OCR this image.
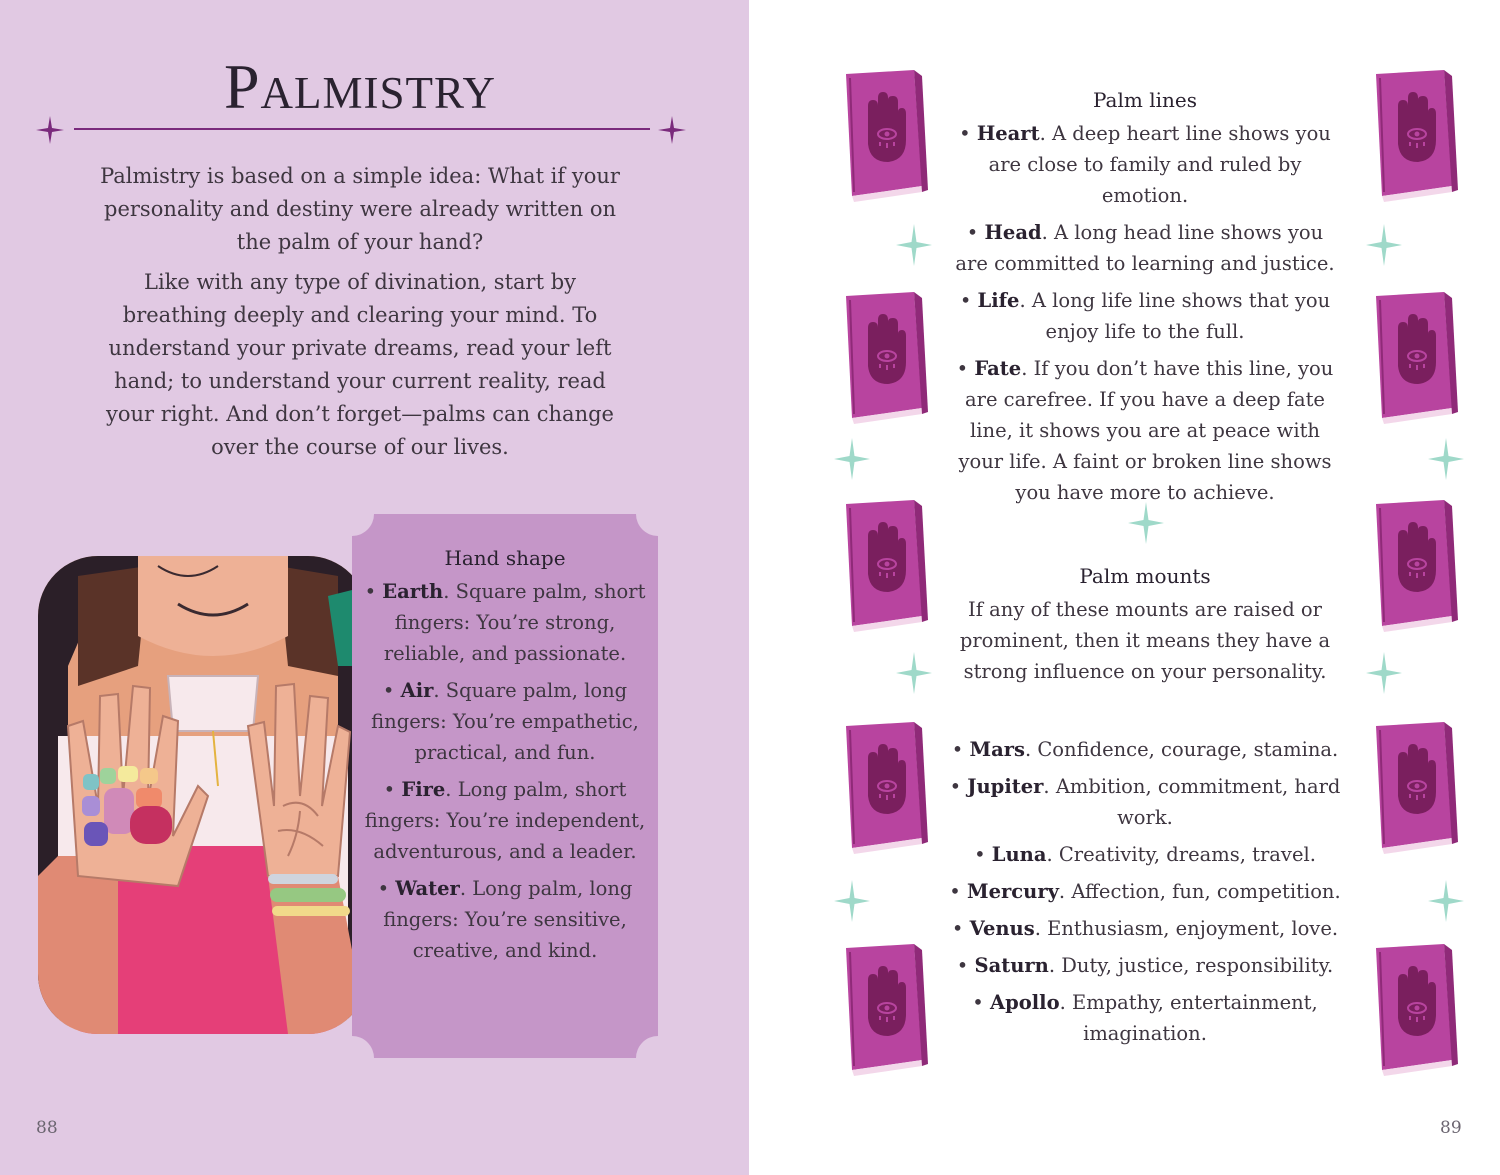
Palmistry

Palmistry is based on a simple idea: What if your personality and destiny were already written on the palm of your hand?

Like with any type of divination, start by breathing deeply and clearing your mind. To understand your private dreams, read your left hand; to understand your current reality, read your right. And don’t forget—palms can change over the course of our lives.

Hand shape
• Earth. Square palm, short fingers: You’re strong, reliable, and passionate.
• Air. Square palm, long fingers: You’re empathetic, practical, and fun.
• Fire. Long palm, short fingers: You’re independent, adventurous, and a leader.
• Water. Long palm, long fingers: You’re sensitive, creative, and kind.
88
Palm lines
• Heart. A deep heart line shows you are close to family and ruled by emotion.
• Head. A long head line shows you are committed to learning and justice.
• Life. A long life line shows that you enjoy life to the full.
• Fate. If you don’t have this line, you are carefree. If you have a deep fate line, it shows you are at peace with your life. A faint or broken line shows you have more to achieve.
Palm mounts

If any of these mounts are raised or prominent, then it means they have a strong influence on your personality.

• Mars. Confidence, courage, stamina.
• Jupiter. Ambition, commitment, hard work.
• Luna. Creativity, dreams, travel.
• Mercury. Affection, fun, competition.
• Venus. Enthusiasm, enjoyment, love.
• Saturn. Duty, justice, responsibility.
• Apollo. Empathy, entertainment, imagination.
89
